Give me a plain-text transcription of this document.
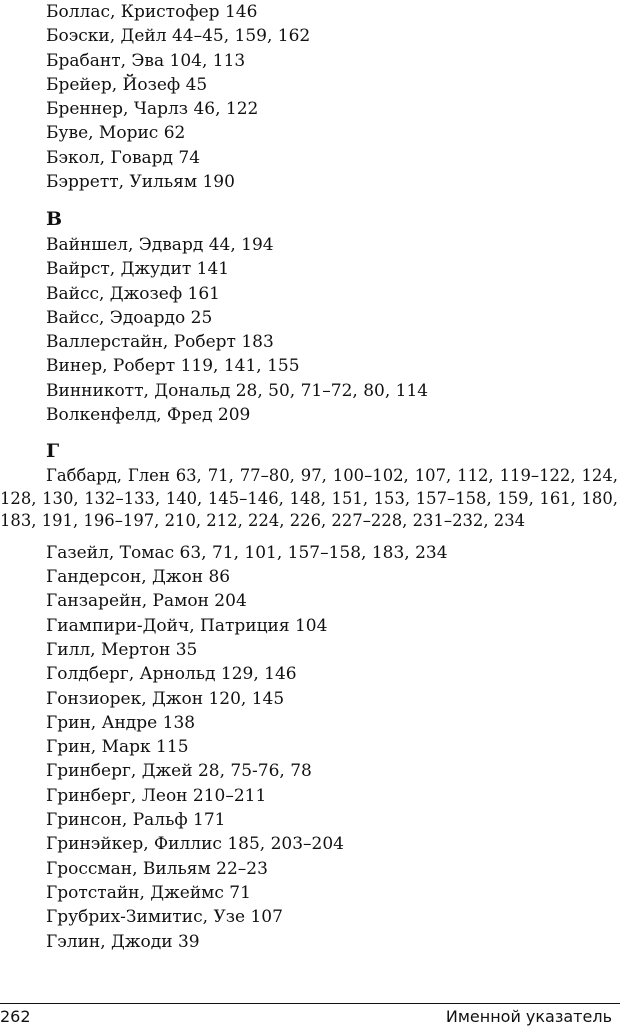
Боллас, Кристофер 146
Боэски, Дейл 44–45, 159, 162
Брабант, Эва 104, 113
Брейер, Йозеф 45
Бреннер, Чарлз 46, 122
Буве, Морис 62
Бэкол, Говард 74
Бэрретт, Уильям 190
В
Вайншел, Эдвард 44, 194
Вайрст, Джудит 141
Вайсс, Джозеф 161
Вайсс, Эдоардо 25
Валлерстайн, Роберт 183
Винер, Роберт 119, 141, 155
Винникотт, Дональд 28, 50, 71–72, 80, 114
Волкенфелд, Фред 209
Г
Габбард, Глен 63, 71, 77–80, 97, 100–102, 107, 112, 119–122, 124, 128, 130, 132–133, 140, 145–146, 148, 151, 153, 157–158, 159, 161, 180, 183, 191, 196–197, 210, 212, 224, 226, 227–228, 231–232, 234
Газейл, Томас 63, 71, 101, 157–158, 183, 234
Гандерсон, Джон 86
Ганзарейн, Рамон 204
Гиампири-Дойч, Патриция 104
Гилл, Мертон 35
Голдберг, Арнольд 129, 146
Гонзиорек, Джон 120, 145
Грин, Андре 138
Грин, Марк 115
Гринберг, Джей 28, 75-76, 78
Гринберг, Леон 210–211
Гринсон, Ральф 171
Гринэйкер, Филлис 185, 203–204
Гроссман, Вильям 22–23
Гротстайн, Джеймс 71
Грубрих-Зимитис, Узе 107
Гэлин, Джоди 39
262	Именной указатель
